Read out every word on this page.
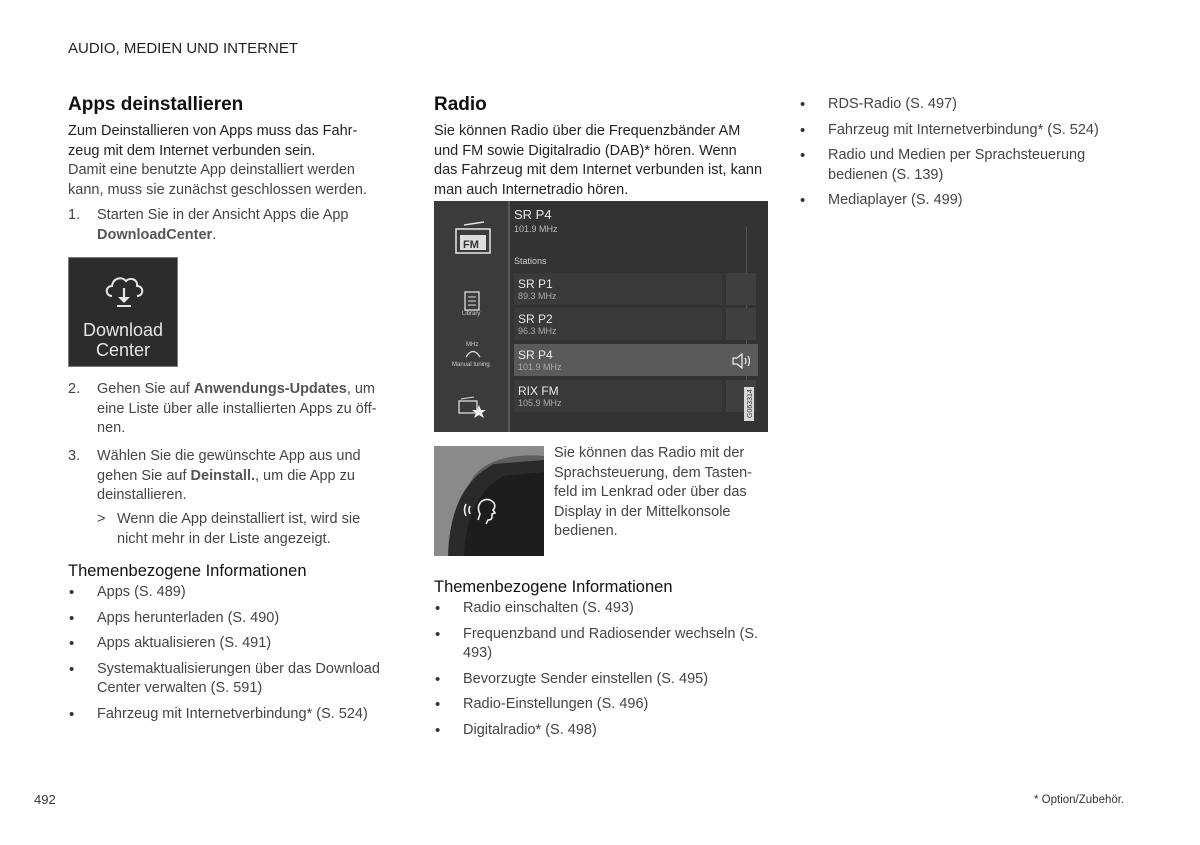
AUDIO, MEDIEN UND INTERNET
Apps deinstallieren

Zum Deinstallieren von Apps muss das Fahr-zeug mit dem Internet verbunden sein.

Damit eine benutzte App deinstalliert werden kann, muss sie zunächst geschlossen werden.

1. Starten Sie in der Ansicht Apps die App
DownloadCenter.
Download
Center
2. Gehen Sie auf Anwendungs-Updates, um eine Liste über alle installierten Apps zu öff-nen.
3. Wählen Sie die gewünschte App aus und gehen Sie auf Deinstall., um die App zu deinstallieren.
> Wenn die App deinstalliert ist, wird sie nicht mehr in der Liste angezeigt.
Themenbezogene Informationen
• Apps (S. 489)
• Apps herunterladen (S. 490)
• Apps aktualisieren (S. 491)
• Systemaktualisierungen über das Download Center verwalten (S. 591)
• Fahrzeug mit Internetverbindung* (S. 524)
Radio

Sie können Radio über die Frequenzbänder AM und FM sowie Digitalradio (DAB)* hören. Wenn das Fahrzeug mit dem Internet verbunden ist, kann man auch Internetradio hören.

FM
Library
MHz
Manual tuning
SR P4
101.9 MHz
Stations
SR P1
89.3 MHz
SR P2
96.3 MHz
SR P4
101.9 MHz
RIX FM
105.9 MHz	G063314
Sie können das Radio mit der Sprachsteuerung, dem Tasten-feld im Lenkrad oder über das Display in der Mittelkonsole bedienen.
Themenbezogene Informationen
• Radio einschalten (S. 493)
• Frequenzband und Radiosender wechseln (S. 493)
• Bevorzugte Sender einstellen (S. 495)
• Radio-Einstellungen (S. 496)
• Digitalradio* (S. 498)
• RDS-Radio (S. 497)
• Fahrzeug mit Internetverbindung* (S. 524)
• Radio und Medien per Sprachsteuerung bedienen (S. 139)
• Mediaplayer (S. 499)
492	* Option/Zubehör.
